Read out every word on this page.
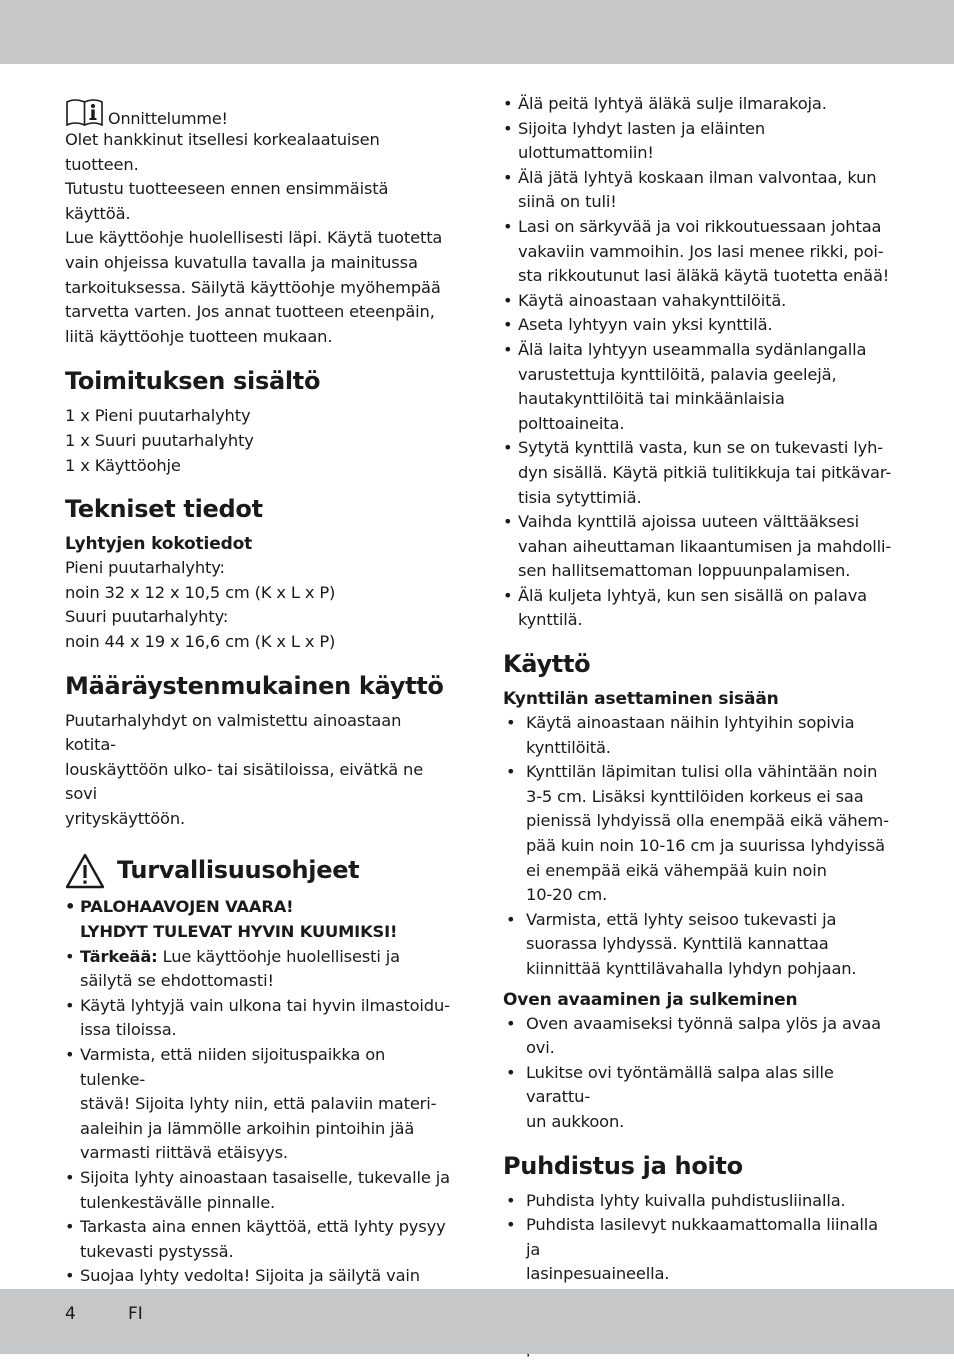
Onnittelumme!

Olet hankkinut itsellesi korkealaatuisen tuotteen.
Tutustu tuotteeseen ennen ensimmäistä käyttöä.
Lue käyttöohje huolellisesti läpi. Käytä tuotetta
vain ohjeissa kuvatulla tavalla ja mainitussa
tarkoituksessa. Säilytä käyttöohje myöhempää
tarvetta varten. Jos annat tuotteen eteenpäin,
liitä käyttöohje tuotteen mukaan.

Toimituksen sisältö

1 x Pieni puutarhalyhty
1 x Suuri puutarhalyhty
1 x Käyttöohje

Tekniset tiedot
Lyhtyjen kokotiedot

Pieni puutarhalyhty:
noin 32 x 12 x 10,5 cm (K x L x P)
Suuri puutarhalyhty:
noin 44 x 19 x 16,6 cm (K x L x P)

Määräystenmukainen käyttö

Puutarhalyhdyt on valmistettu ainoastaan kotita-
louskäyttöön ulko- tai sisätiloissa, eivätkä ne sovi
yrityskäyttöön.

Turvallisuusohjeet
• PALOHAAVOJEN VAARA!
LYHDYT TULEVAT HYVIN KUUMIKSI!
• Tärkeää: Lue käyttöohje huolellisesti ja
säilytä se ehdottomasti!
• Käytä lyhtyjä vain ulkona tai hyvin ilmastoidu-
issa tiloissa.
• Varmista, että niiden sijoituspaikka on tulenke-
stävä! Sijoita lyhty niin, että palaviin materi-
aaleihin ja lämmölle arkoihin pintoihin jää
varmasti riittävä etäisyys.
• Sijoita lyhty ainoastaan tasaiselle, tukevalle ja
tulenkestävälle pinnalle.
• Tarkasta aina ennen käyttöä, että lyhty pysyy
tukevasti pystyssä.
• Suojaa lyhty vedolta! Sijoita ja säilytä vain

• Älä peitä lyhtyä äläkä sulje ilmarakoja.
• Sijoita lyhdyt lasten ja eläinten ulottumattomiin!
• Älä jätä lyhtyä koskaan ilman valvontaa, kun
siinä on tuli!
• Lasi on särkyvää ja voi rikkoutuessaan johtaa
vakaviin vammoihin. Jos lasi menee rikki, poi-
sta rikkoutunut lasi äläkä käytä tuotetta enää!
• Käytä ainoastaan vahakynttilöitä.
• Aseta lyhtyyn vain yksi kynttilä.
• Älä laita lyhtyyn useammalla sydänlangalla
varustettuja kynttilöitä, palavia geelejä,
hautakynttilöitä tai minkäänlaisia polttoaineita.
• Sytytä kynttilä vasta, kun se on tukevasti lyh-
dyn sisällä. Käytä pitkiä tulitikkuja tai pitkävar-
tisia sytyttimiä.
• Vaihda kynttilä ajoissa uuteen välttääksesi
vahan aiheuttaman likaantumisen ja mahdolli-
sen hallitsemattoman loppuunpalamisen.
• Älä kuljeta lyhtyä, kun sen sisällä on palava
kynttilä.
Käyttö
Kynttilän asettaminen sisään
• Käytä ainoastaan näihin lyhtyihin sopivia
kynttilöitä.
• Kynttilän läpimitan tulisi olla vähintään noin
3-5 cm. Lisäksi kynttilöiden korkeus ei saa
pienissä lyhdyissä olla enempää eikä vähem-
pää kuin noin 10-16 cm ja suurissa lyhdyissä
ei enempää eikä vähempää kuin noin
10-20 cm.
• Varmista, että lyhty seisoo tukevasti ja
suorassa lyhdyssä. Kynttilä kannattaa
kiinnittää kynttilävahalla lyhdyn pohjaan.
Oven avaaminen ja sulkeminen
• Oven avaamiseksi työnnä salpa ylös ja avaa
ovi.
• Lukitse ovi työntämällä salpa alas sille varattu-
un aukkoon.
Puhdistus ja hoito
• Puhdista lyhty kuivalla puhdistusliinalla.
• Puhdista lasilevyt nukkaamattomalla liinalla ja
lasinpesuaineella.
•

4	FI
